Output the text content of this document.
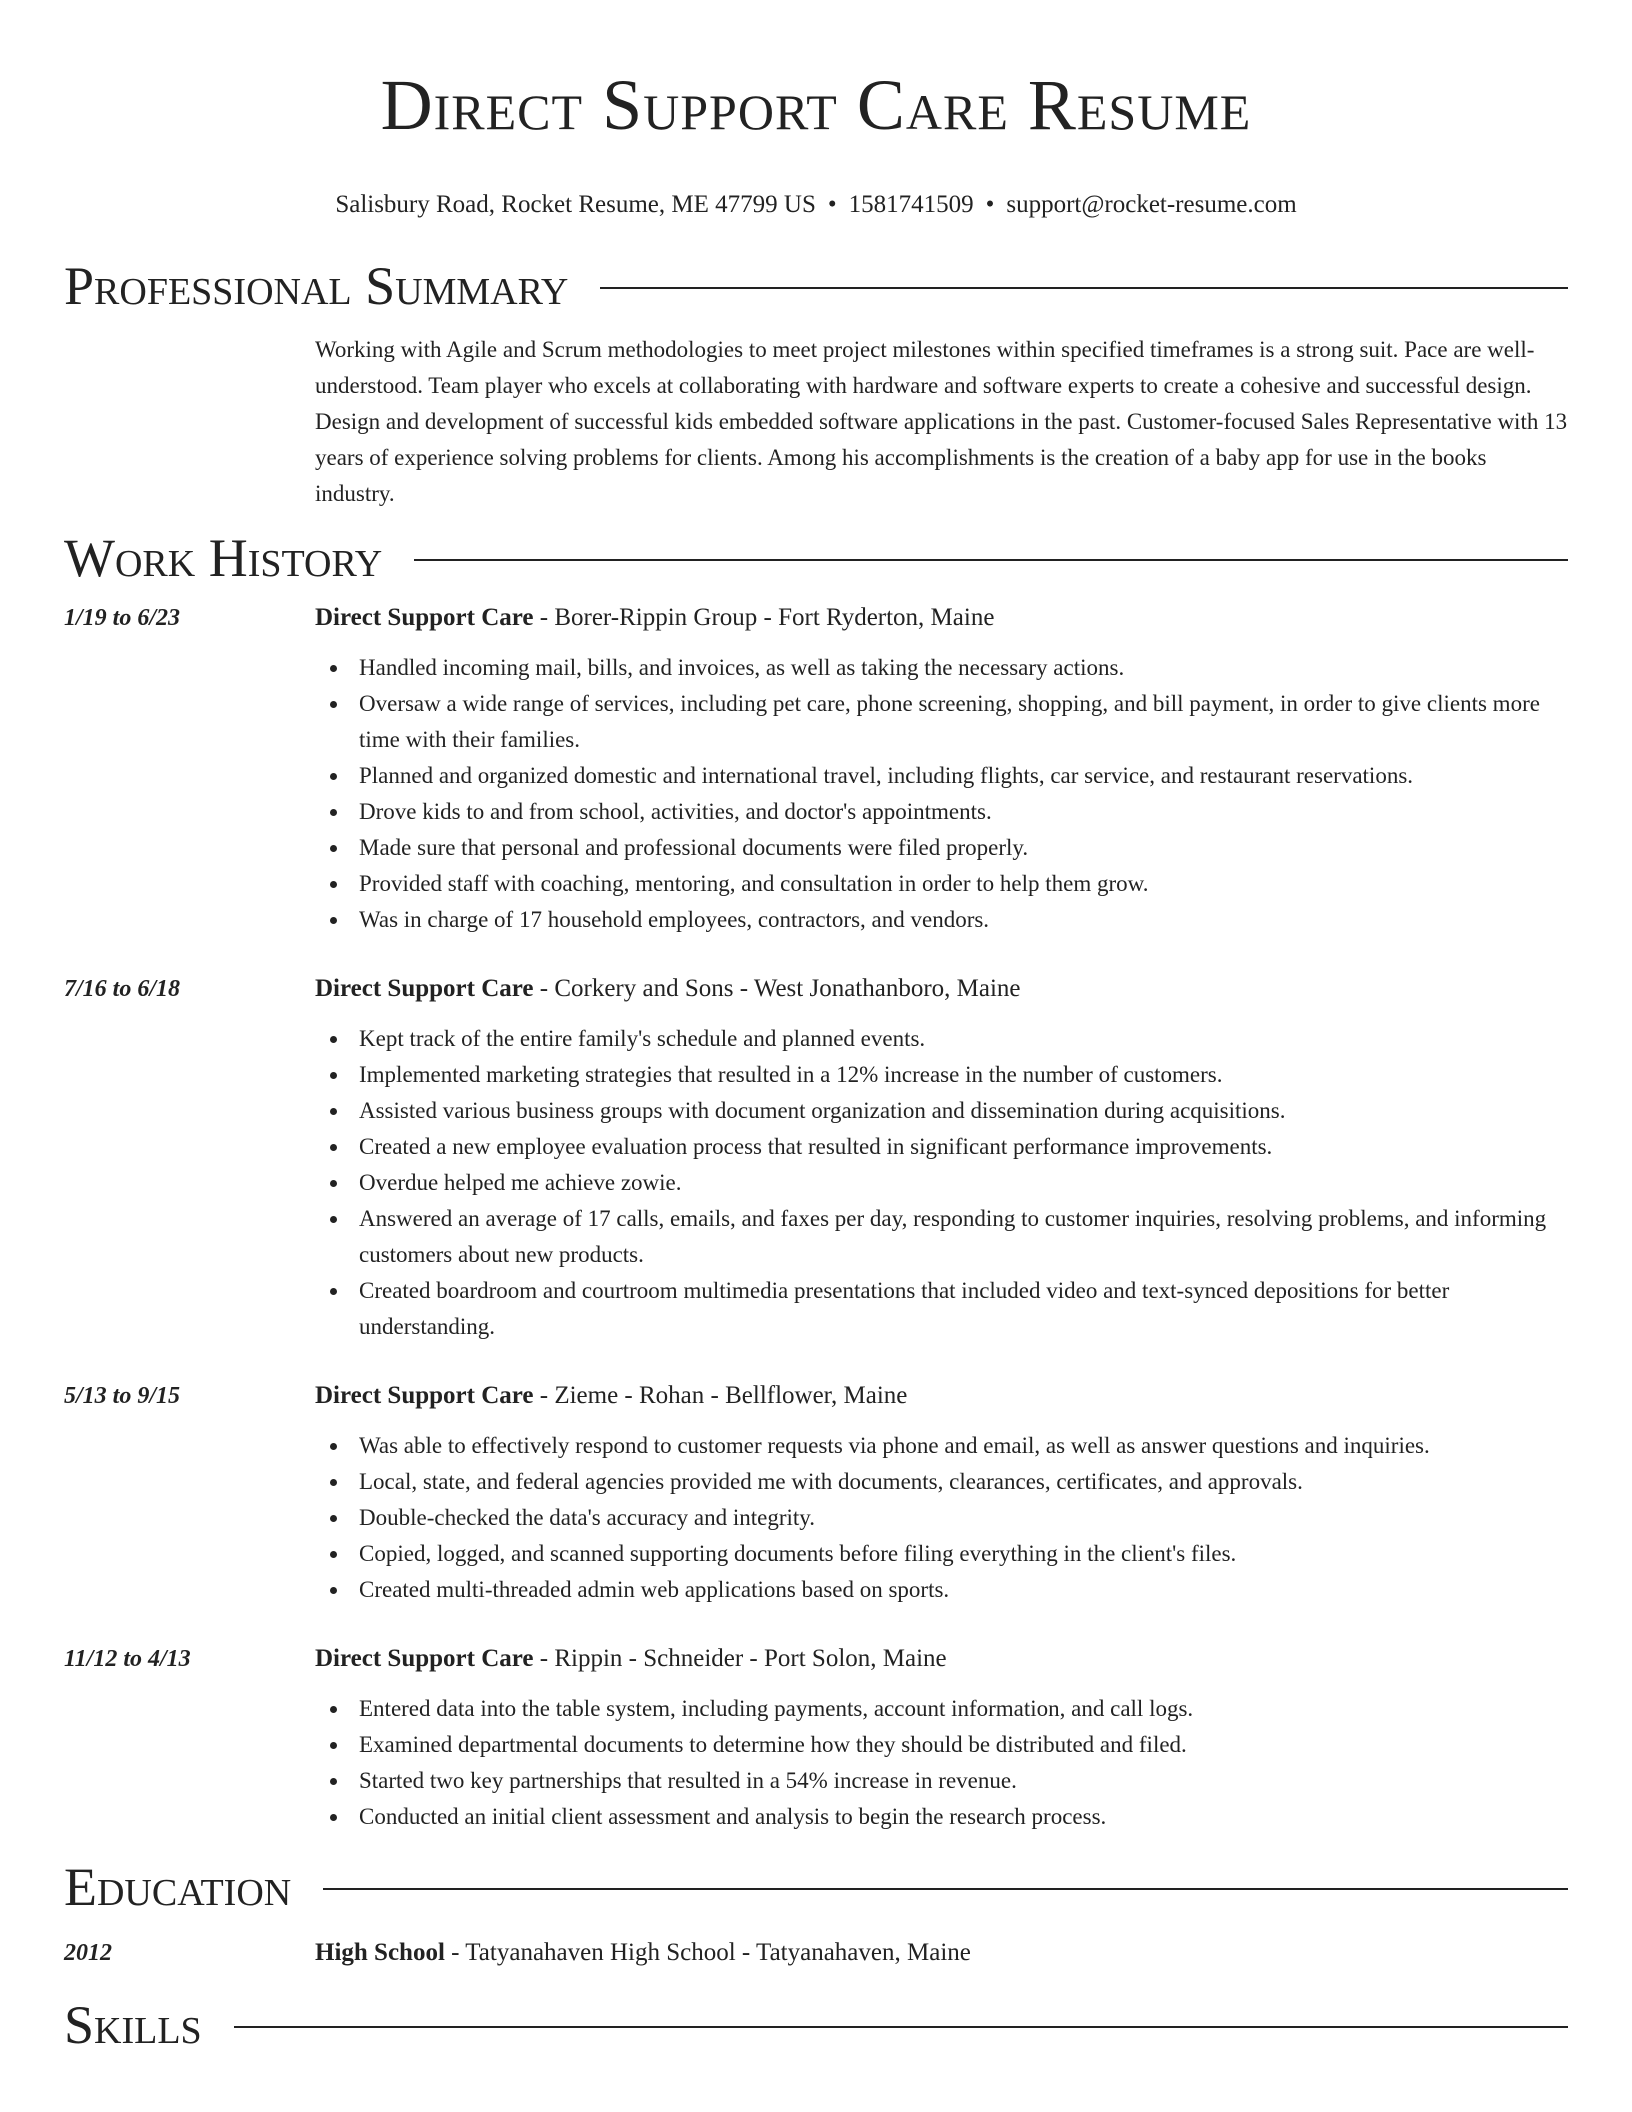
Direct Support Care Resume
Salisbury Road, Rocket Resume, ME 47799 US • 1581741509 • support@rocket-resume.com
Professional Summary
Working with Agile and Scrum methodologies to meet project milestones within specified timeframes is a strong suit. Pace are well-understood. Team player who excels at collaborating with hardware and software experts to create a cohesive and successful design. Design and development of successful kids embedded software applications in the past. Customer-focused Sales Representative with 13 years of experience solving problems for clients. Among his accomplishments is the creation of a baby app for use in the books industry.
Work History
1/19 to 6/23	Direct Support Care - Borer-Rippin Group - Fort Ryderton, Maine
Handled incoming mail, bills, and invoices, as well as taking the necessary actions.
Oversaw a wide range of services, including pet care, phone screening, shopping, and bill payment, in order to give clients more time with their families.
Planned and organized domestic and international travel, including flights, car service, and restaurant reservations.
Drove kids to and from school, activities, and doctor's appointments.
Made sure that personal and professional documents were filed properly.
Provided staff with coaching, mentoring, and consultation in order to help them grow.
Was in charge of 17 household employees, contractors, and vendors.
7/16 to 6/18	Direct Support Care - Corkery and Sons - West Jonathanboro, Maine
Kept track of the entire family's schedule and planned events.
Implemented marketing strategies that resulted in a 12% increase in the number of customers.
Assisted various business groups with document organization and dissemination during acquisitions.
Created a new employee evaluation process that resulted in significant performance improvements.
Overdue helped me achieve zowie.
Answered an average of 17 calls, emails, and faxes per day, responding to customer inquiries, resolving problems, and informing customers about new products.
Created boardroom and courtroom multimedia presentations that included video and text-synced depositions for better understanding.
5/13 to 9/15	Direct Support Care - Zieme - Rohan - Bellflower, Maine
Was able to effectively respond to customer requests via phone and email, as well as answer questions and inquiries.
Local, state, and federal agencies provided me with documents, clearances, certificates, and approvals.
Double-checked the data's accuracy and integrity.
Copied, logged, and scanned supporting documents before filing everything in the client's files.
Created multi-threaded admin web applications based on sports.
11/12 to 4/13	Direct Support Care - Rippin - Schneider - Port Solon, Maine
Entered data into the table system, including payments, account information, and call logs.
Examined departmental documents to determine how they should be distributed and filed.
Started two key partnerships that resulted in a 54% increase in revenue.
Conducted an initial client assessment and analysis to begin the research process.
Education
2012	High School - Tatyanahaven High School - Tatyanahaven, Maine
Skills
